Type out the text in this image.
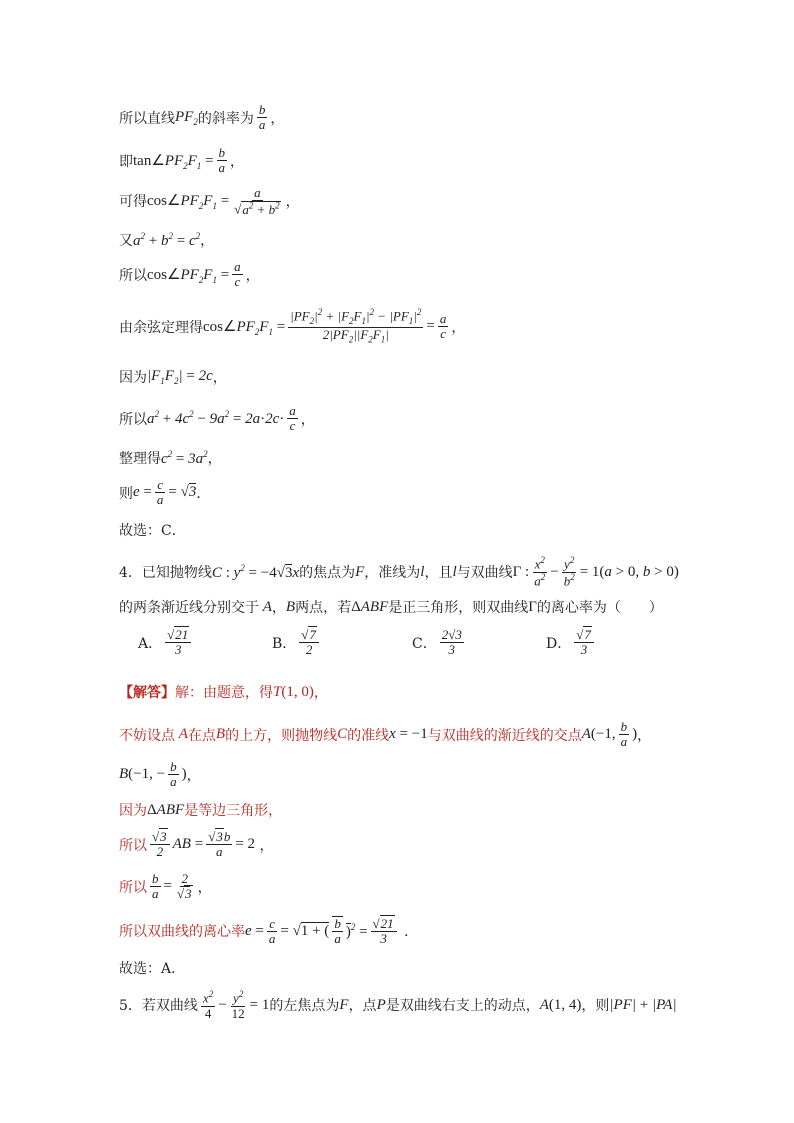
所以直线 $PF_2$ 的斜率为 $\frac{b}{a}$ ，
即 $\tan\angle PF_2F_1 = \frac{b}{a}$ ，
可得 $\cos\angle PF_2F_1 = \frac{a}{√a^2 + b^2}$ ，
又 $a^2 + b^2 = c^2$ ，
所以 $\cos\angle PF_2F_1 = \frac{a}{c}$ ，
由余弦定理得 $\cos\angle PF_2F_1 = \frac{|PF_2|^2 + |F_2F_1|^2 - |PF_1|^2}{2|PF_2||F_2F_1|} = \frac{a}{c}$ ，
因为 $|F_1F_2| = 2c$ ，
所以 $a^2 + 4c^2 - 9a^2 = 2a\cdot 2c\cdot \frac{a}{c}$ ，
整理得 $c^2 = 3a^2$ ，
则 $e = \frac{c}{a} = √3$ ．
故选：C．
4．已知抛物线 C : $y^2 = -4√3x$ 的焦点为 F ，准线为 l ，且 l 与双曲线 Γ : $\frac{x^2}{a^2} - \frac{y^2}{b^2} = 1(a > 0$, b > 0)
的两条渐近线分别交于 A ， B 两点，若 ΔABF 是正三角形，则双曲线 Γ 的离心率为（　　）
A． $\frac{√21}{3}$	B． $\frac{√7}{2}$	C． $\frac{2√3}{3}$	D． $\frac{√7}{3}$
【解答】 解：由题意，得 T(1, 0) ，
不妨设点 A 在点 B 的上方，则抛物线 C 的准线 x = −1 与双曲线的渐近线的交点 A(−1, $\frac{b}{a}$ ) ，
B(−1, − $\frac{b}{a}$ ) ，
因为 ΔABF 是等边三角形，
所以 $\frac{√3}{2}$ AB = $\frac{√3b}{a} = 2$ ，
所以 $\frac{b}{a} = \frac{2}{√3}$ ，
所以双曲线的离心率 $e = \frac{c}{a} = √1$ + ( $\frac{b}{a} )^2 = \frac{√21}{3}$ ．
故选：A．
5．若双曲线 $\frac{x^2}{4} - \frac{y^2}{12} = 1$ 的左焦点为 F ，点 P 是双曲线右支上的动点， A(1, 4) ，则 |PF| + |PA|
